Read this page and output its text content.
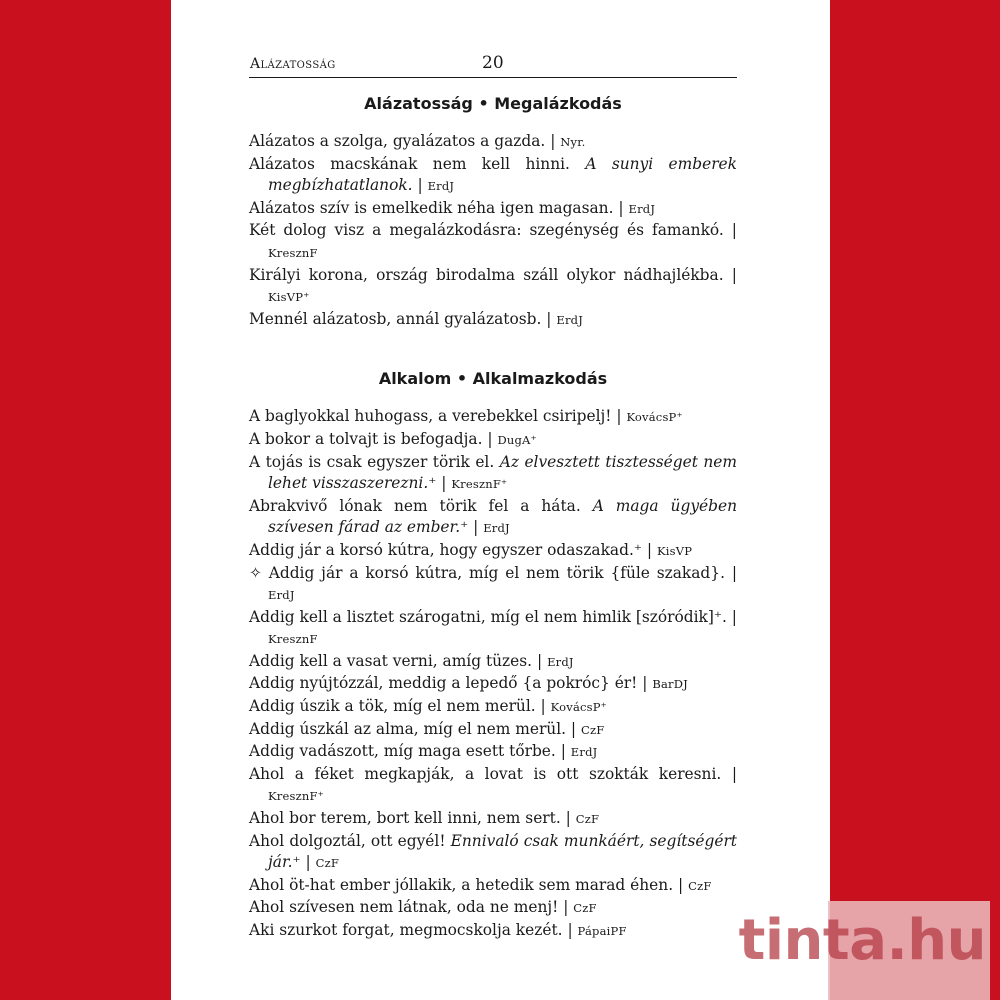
Alázatosság	20
Alázatosság • Megalázkodás

Alázatos a szolga, gyalázatos a gazda. | Nyr.

Alázatos macskának nem kell hinni. A sunyi emberek megbízhatatlanok. | ErdJ

Alázatos szív is emelkedik néha igen magasan. | ErdJ

Két dolog visz a megalázkodásra: szegénység és famankó. | KresznF

Királyi korona, ország birodalma száll olykor nádhajlékba. | KisVP⁺

Mennél alázatosb, annál gyalázatosb. | ErdJ

Alkalom • Alkalmazkodás

A baglyokkal huhogass, a verebekkel csiripelj! | KovácsP⁺

A bokor a tolvajt is befogadja. | DugA⁺

A tojás is csak egyszer törik el. Az elvesztett tisztességet nem lehet visszaszerezni.⁺ | KresznF⁺

Abrakvivő lónak nem törik fel a háta. A maga ügyében szívesen fárad az ember.⁺ | ErdJ

Addig jár a korsó kútra, hogy egyszer odaszakad.⁺ | KisVP

✧ Addig jár a korsó kútra, míg el nem törik {füle szakad}. | ErdJ

Addig kell a lisztet szárogatni, míg el nem himlik [szóródik]⁺. | KresznF

Addig kell a vasat verni, amíg tüzes. | ErdJ

Addig nyújtózzál, meddig a lepedő {a pokróc} ér! | BarDJ

Addig úszik a tök, míg el nem merül. | KovácsP⁺

Addig úszkál az alma, míg el nem merül. | CzF

Addig vadászott, míg maga esett tőrbe. | ErdJ

Ahol a féket megkapják, a lovat is ott szokták keresni. | KresznF⁺

Ahol bor terem, bort kell inni, nem sert. | CzF

Ahol dolgoztál, ott egyél! Ennivaló csak munkáért, segítségért jár.⁺ | CzF

Ahol öt-hat ember jóllakik, a hetedik sem marad éhen. | CzF

Ahol szívesen nem látnak, oda ne menj! | CzF

Aki szurkot forgat, megmocskolja kezét. | PápaiPF	tinta.hu
